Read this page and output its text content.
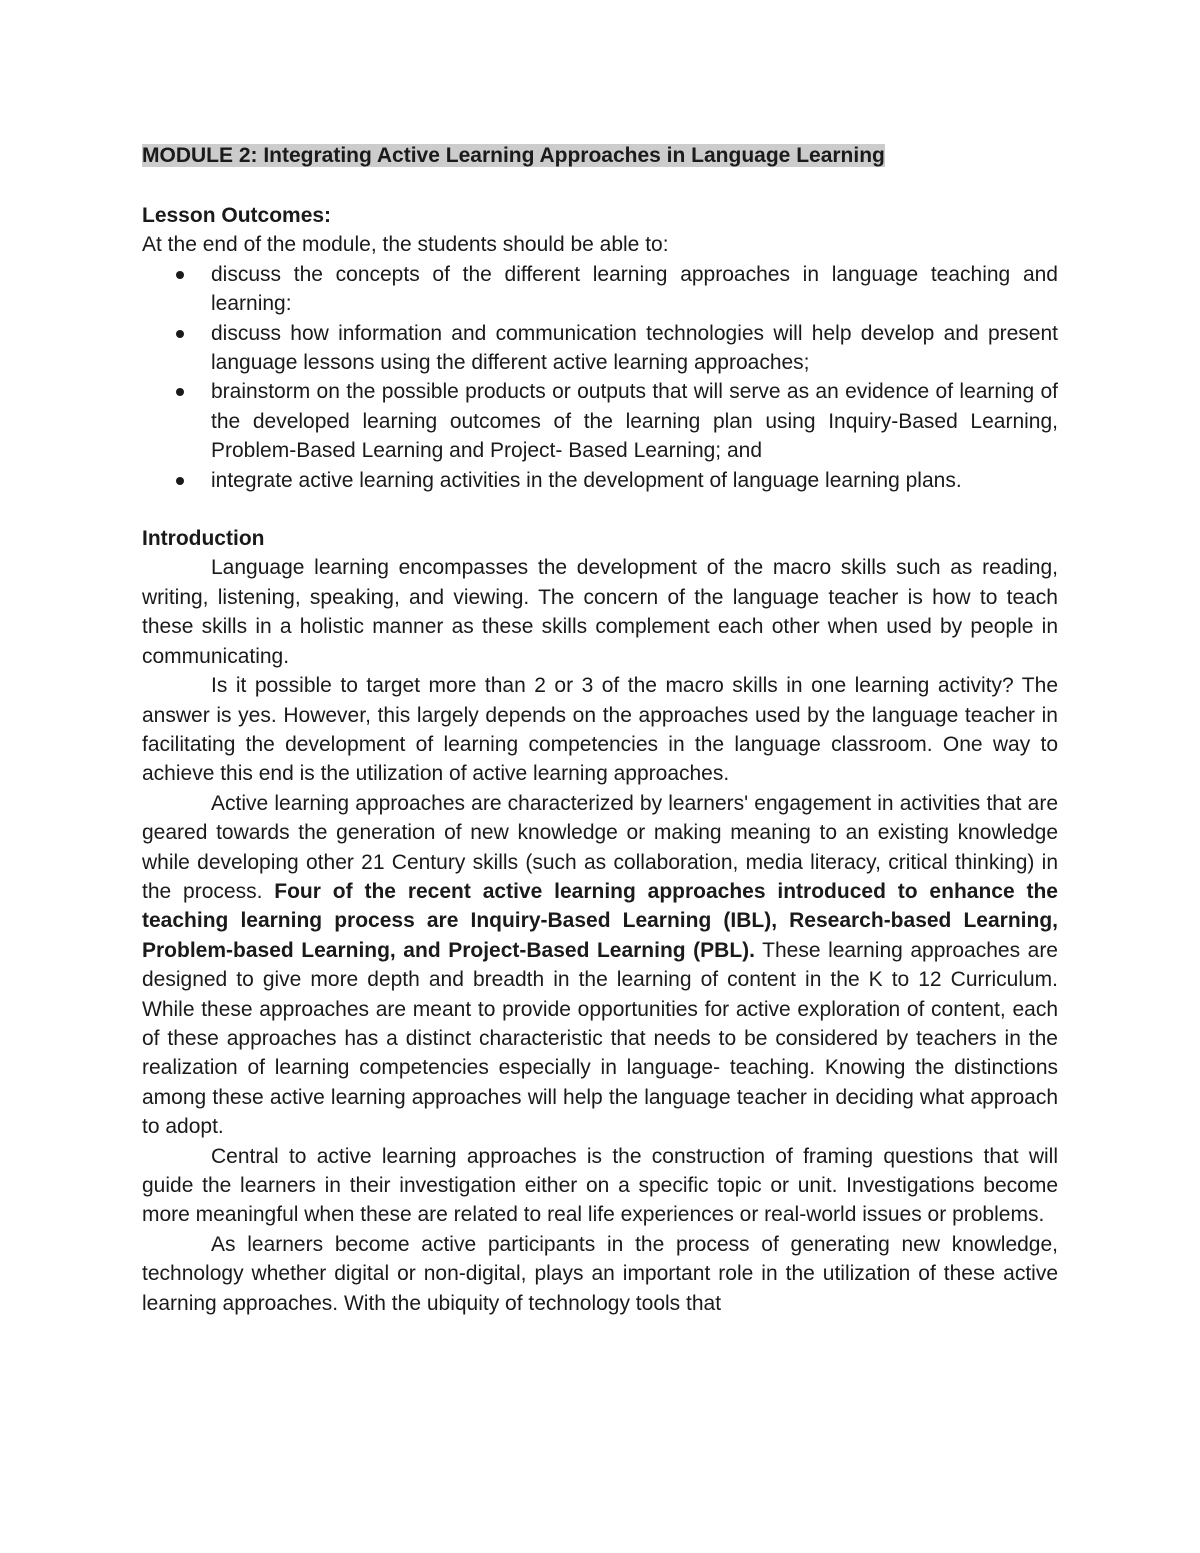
MODULE 2: Integrating Active Learning Approaches in Language Learning
Lesson Outcomes:
At the end of the module, the students should be able to:
discuss the concepts of the different learning approaches in language teaching and learning:
discuss how information and communication technologies will help develop and present language lessons using the different active learning approaches;
brainstorm on the possible products or outputs that will serve as an evidence of learning of the developed learning outcomes of the learning plan using Inquiry-Based Learning, Problem-Based Learning and Project- Based Learning; and
integrate active learning activities in the development of language learning plans.
Introduction

Language learning encompasses the development of the macro skills such as reading, writing, listening, speaking, and viewing. The concern of the language teacher is how to teach these skills in a holistic manner as these skills complement each other when used by people in communicating.

Is it possible to target more than 2 or 3 of the macro skills in one learning activity? The answer is yes. However, this largely depends on the approaches used by the language teacher in facilitating the development of learning competencies in the language classroom. One way to achieve this end is the utilization of active learning approaches.

Active learning approaches are characterized by learners' engagement in activities that are geared towards the generation of new knowledge or making meaning to an existing knowledge while developing other 21 Century skills (such as collaboration, media literacy, critical thinking) in the process. Four of the recent active learning approaches introduced to enhance the teaching learning process are Inquiry-Based Learning (IBL), Research-based Learning, Problem-based Learning, and Project-Based Learning (PBL). These learning approaches are designed to give more depth and breadth in the learning of content in the K to 12 Curriculum. While these approaches are meant to provide opportunities for active exploration of content, each of these approaches has a distinct characteristic that needs to be considered by teachers in the realization of learning competencies especially in language- teaching. Knowing the distinctions among these active learning approaches will help the language teacher in deciding what approach to adopt.

Central to active learning approaches is the construction of framing questions that will guide the learners in their investigation either on a specific topic or unit. Investigations become more meaningful when these are related to real life experiences or real-world issues or problems.

As learners become active participants in the process of generating new knowledge, technology whether digital or non-digital, plays an important role in the utilization of these active learning approaches. With the ubiquity of technology tools that
